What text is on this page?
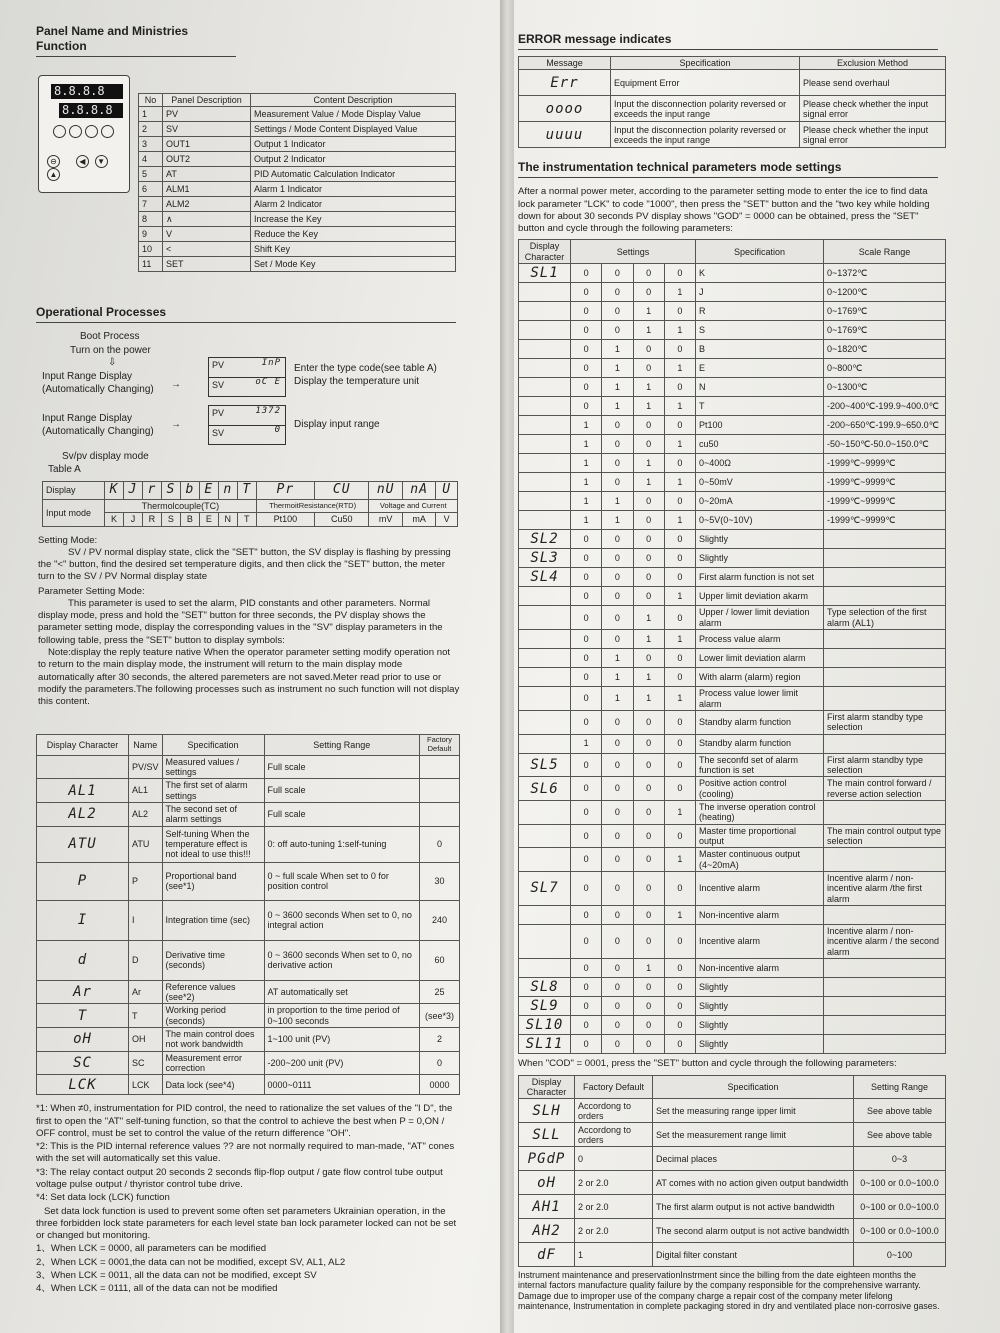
Panel Name and Ministries Function
8.8.8.8
8.8.8.8
⊖	◀ ▼ ▲
No	Panel Description	Content Description
1	PV	Measurement Value / Mode Display Value
2	SV	Settings / Mode Content Displayed Value
3	OUT1	Output 1 Indicator
4	OUT2	Output 2 Indicator
5	AT	PID Automatic Calculation Indicator
6	ALM1	Alarm 1 Indicator
7	ALM2	Alarm 2 Indicator
8	∧	Increase the Key
9	V	Reduce the Key
10	<	Shift Key
11	SET	Set / Mode Key
Operational Processes
Boot Process
Turn on the power
⇩
Input Range Display
(Automatically Changing) →
PV	InP
SV	oC E
Enter the type code(see table A)
Display the temperature unit
Input Range Display
(Automatically Changing)
→
PV	1372
SV	0 Display input range
Sv/pv display mode
Table A
Display	K	J	r	S	b	E	n	T	Pr	CU	nU	nA	U
Input mode	Thermolcouple(TC)								ThermoitResistance(RTD)		Voltage and Current		
	K	J	R	S	B	E	N	T	Pt100	Cu50	mV	mA	V

Setting Mode:

SV / PV normal display state, click the "SET" button, the SV display is flashing by pressing the "<" button, find the desired set temperature digits, and then click the "SET" button, the meter turn to the SV / PV Normal display state

Parameter Setting Mode:

This parameter is used to set the alarm, PID constants and other parameters. Normal display mode, press and hold the "SET" button for three seconds, the PV display shows the parameter setting mode, display the corresponding values in the "SV" display parameters in the following table, press the "SET" button to display symbols:

Note:display the reply teature native When the operator parameter setting modify operation not to return to the main display mode, the instrument will return to the main display mode automatically after 30 seconds, the altered paremeters are not saved.Meter read prior to use or modify the parameters.The following processes such as instrument no such function will not display this content.

Display Character	Name	Specification	Setting Range	Factory Default
	PV/SV	Measured values / settings	Full scale	
AL1	AL1	The first set of alarm settings	Full scale	
AL2	AL2	The second set of alarm settings	Full scale	
ATU	ATU	Self-tuning When the temperature effect is not ideal to use this!!!	0: off auto-tuning 1:self-tuning	0
P	P	Proportional band (see*1)	0 ~ full scale When set to 0 for position control	30
I	I	Integration time (sec)	0 ~ 3600 seconds When set to 0, no integral action	240
d	D	Derivative time (seconds)	0 ~ 3600 seconds When set to 0, no derivative action	60
Ar	Ar	Reference values (see*2)	AT automatically set	25
T	T	Working period (seconds)	in proportion to the time period of 0~100 seconds	(see*3)
oH	OH	The main control does not work bandwidth	1~100 unit (PV)	2
SC	SC	Measurement error correction	-200~200 unit (PV)	0
LCK	LCK	Data lock (see*4)	0000~0111	0000

*1: When ≠0, instrumentation for PID control, the need to rationalize the set values of the "I D", the first to open the "AT" self-tuning function, so that the control to achieve the best when P = 0,ON / OFF control, must be set to control the value of the return difference "OH".

*2: This is the PID internal reference values ?? are not normally required to man-made, "AT" cones with the set will automatically set this value.

*3: The relay contact output 20 seconds 2 seconds flip-flop output / gate flow control tube output voltage pulse output / thyristor control tube drive.

*4: Set data lock (LCK) function

Set data lock function is used to prevent some often set parameters Ukrainian operation, in the three forbidden lock state parameters for each level state ban lock parameter locked can not be set or changed but monitoring.

1、When LCK = 0000, all parameters can be modified

2、When LCK = 0001,the data can not be modified, except SV, AL1, AL2

3、When LCK = 0011, all the data can not be modified, except SV

4、When LCK = 0111, all of the data can not be modified

ERROR message indicates
Message	Specification	Exclusion Method
Err	Equipment Error	Please send overhaul
oooo	Input the disconnection polarity reversed or exceeds the input range	Please check whether the input signal error
uuuu	Input the disconnection polarity reversed or exceeds the input range	Please check whether the input signal error
The instrumentation technical parameters mode settings

After a normal power meter, according to the parameter setting mode to enter the ice to find data lock parameter "LCK" to code "1000", then press the "SET" button and the "two key while holding down for about 30 seconds PV display shows "GOD" = 0000 can be obtained, press the "SET" button and cycle through the following parameters:

Display Character	Settings				Specification	Scale Range
SL1	0	0	0	0	K	0~1372℃
	0	0	0	1	J	0~1200℃
	0	0	1	0	R	0~1769℃
	0	0	1	1	S	0~1769℃
	0	1	0	0	B	0~1820℃
	0	1	0	1	E	0~800℃
	0	1	1	0	N	0~1300℃
	0	1	1	1	T	-200~400℃-199.9~400.0℃
	1	0	0	0	Pt100	-200~650℃-199.9~650.0℃
	1	0	0	1	cu50	-50~150℃-50.0~150.0℃
	1	0	1	0	0~400Ω	-1999℃~9999℃
	1	0	1	1	0~50mV	-1999℃~9999℃
	1	1	0	0	0~20mA	-1999℃~9999℃
	1	1	0	1	0~5V(0~10V)	-1999℃~9999℃
SL2	0	0	0	0	Slightly	
SL3	0	0	0	0	Slightly	
SL4	0	0	0	0	First alarm function is not set	
	0	0	0	1	Upper limit deviation akarm	
	0	0	1	0	Upper / lower limit deviation alarm	Type selection of the first alarm (AL1)
	0	0	1	1	Process value alarm	
	0	1	0	0	Lower limit deviation alarm	
	0	1	1	0	With alarm (alarm) region	
	0	1	1	1	Process value lower limit alarm	
	0	0	0	0	Standby alarm function	First alarm standby type selection
	1	0	0	0	Standby alarm function	
SL5	0	0	0	0	The seconfd set of alarm function is set	First alarm standby type selection
SL6	0	0	0	0	Positive action control (cooling)	The main control forward / reverse action selection
	0	0	0	1	The inverse operation control (heating)	
	0	0	0	0	Master time proportional output	The main control output type selection
	0	0	0	1	Master continuous output (4~20mA)	
SL7	0	0	0	0	Incentive alarm	Incentive alarm / non-incentive alarm /the first alarm
	0	0	0	1	Non-incentive alarm	
	0	0	0	0	Incentive alarm	Incentive alarm / non-incentive alarm / the second alarm
	0	0	1	0	Non-incentive alarm	
SL8	0	0	0	0	Slightly	
SL9	0	0	0	0	Slightly	
SL10	0	0	0	0	Slightly	
SL11	0	0	0	0	Slightly	

When "COD" = 0001, press the "SET" button and cycle through the following parameters:

Display Character	Factory Default	Specification	Setting Range
SLH	Accordong to orders	Set the measuring range ipper limit	See above table
SLL	Accordong to orders	Set the measurement range limit	See above table
PGdP	0	Decimal places	0~3
oH	2 or 2.0	AT comes with no action given output bandwidth	0~100 or 0.0~100.0
AH1	2 or 2.0	The first alarm output is not active bandwidth	0~100 or 0.0~100.0
AH2	2 or 2.0	The second alarm output is not active bandwidth	0~100 or 0.0~100.0
dF	1	Digital filter constant	0~100

Instrument maintenance and preservationInstrment since the billing from the date eighteen months the internal factors manufacture quality failure by the company responsible for the comprehensive warranty. Damage due to improper use of the company charge a repair cost of the company meter lifelong maintenance, Instrumentation in complete packaging stored in dry and ventilated place non-corrosive gases.
